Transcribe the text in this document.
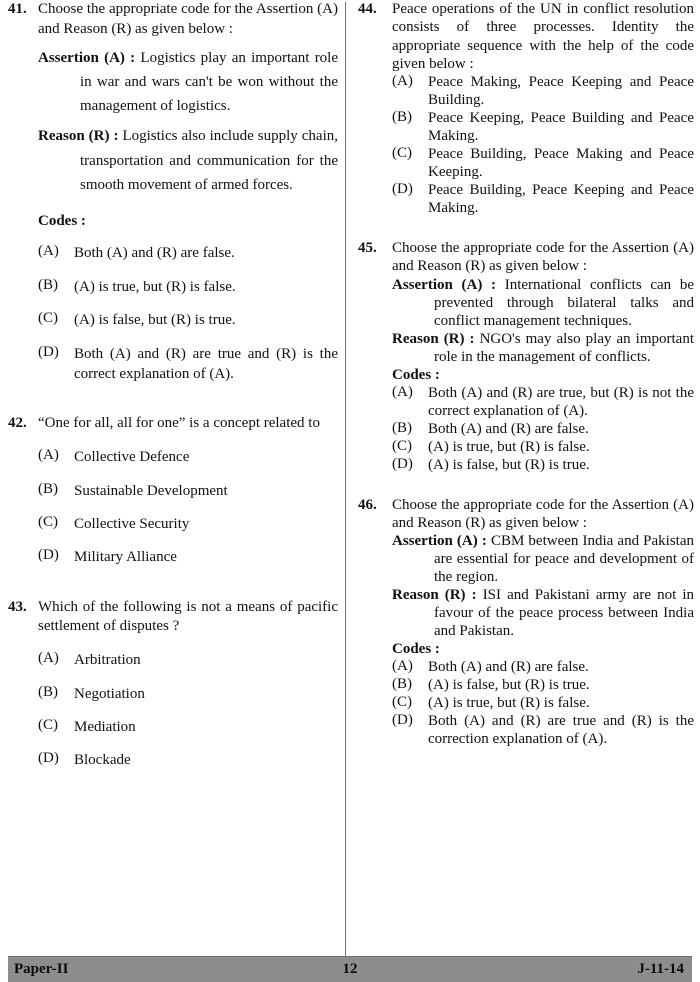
41. Choose the appropriate code for the Assertion (A) and Reason (R) as given below :
Assertion (A) : Logistics play an important role in war and wars can't be won without the management of logistics.
Reason (R) : Logistics also include supply chain, transportation and communication for the smooth movement of armed forces.
Codes :
(A)	Both (A) and (R) are false.
(B)	(A) is true, but (R) is false.
(C)	(A) is false, but (R) is true.
(D)	Both (A) and (R) are true and (R) is the correct explanation of (A).
42. “One for all, all for one” is a concept related to
(A)	Collective Defence
(B)	Sustainable Development
(C)	Collective Security
(D)	Military Alliance
43. Which of the following is not a means of pacific settlement of disputes ?
(A)	Arbitration
(B)	Negotiation
(C)	Mediation
(D)	Blockade
44.	Peace operations of the UN in conflict resolution consists of three processes. Identity the appropriate sequence with the help of the code given below :
(A)	Peace Making, Peace Keeping and Peace Building.
(B)	Peace Keeping, Peace Building and Peace Making.
(C)	Peace Building, Peace Making and Peace Keeping.
(D)	Peace Building, Peace Keeping and Peace Making.
45.	Choose the appropriate code for the Assertion (A) and Reason (R) as given below :
Assertion (A) : International conflicts can be prevented through bilateral talks and conflict management techniques.
Reason (R) : NGO's may also play an important role in the management of conflicts.
Codes :
(A)	Both (A) and (R) are true, but (R) is not the correct explanation of (A).
(B)	Both (A) and (R) are false.
(C)	(A) is true, but (R) is false.
(D)	(A) is false, but (R) is true.
46.	Choose the appropriate code for the Assertion (A) and Reason (R) as given below :
Assertion (A) : CBM between India and Pakistan are essential for peace and development of the region.
Reason (R) : ISI and Pakistani army are not in favour of the peace process between India and Pakistan.
Codes :
(A)	Both (A) and (R) are false.
(B)	(A) is false, but (R) is true.
(C)	(A) is true, but (R) is false.
(D)	Both (A) and (R) are true and (R) is the correction explanation of (A).
Paper-II	12	J-11-14
